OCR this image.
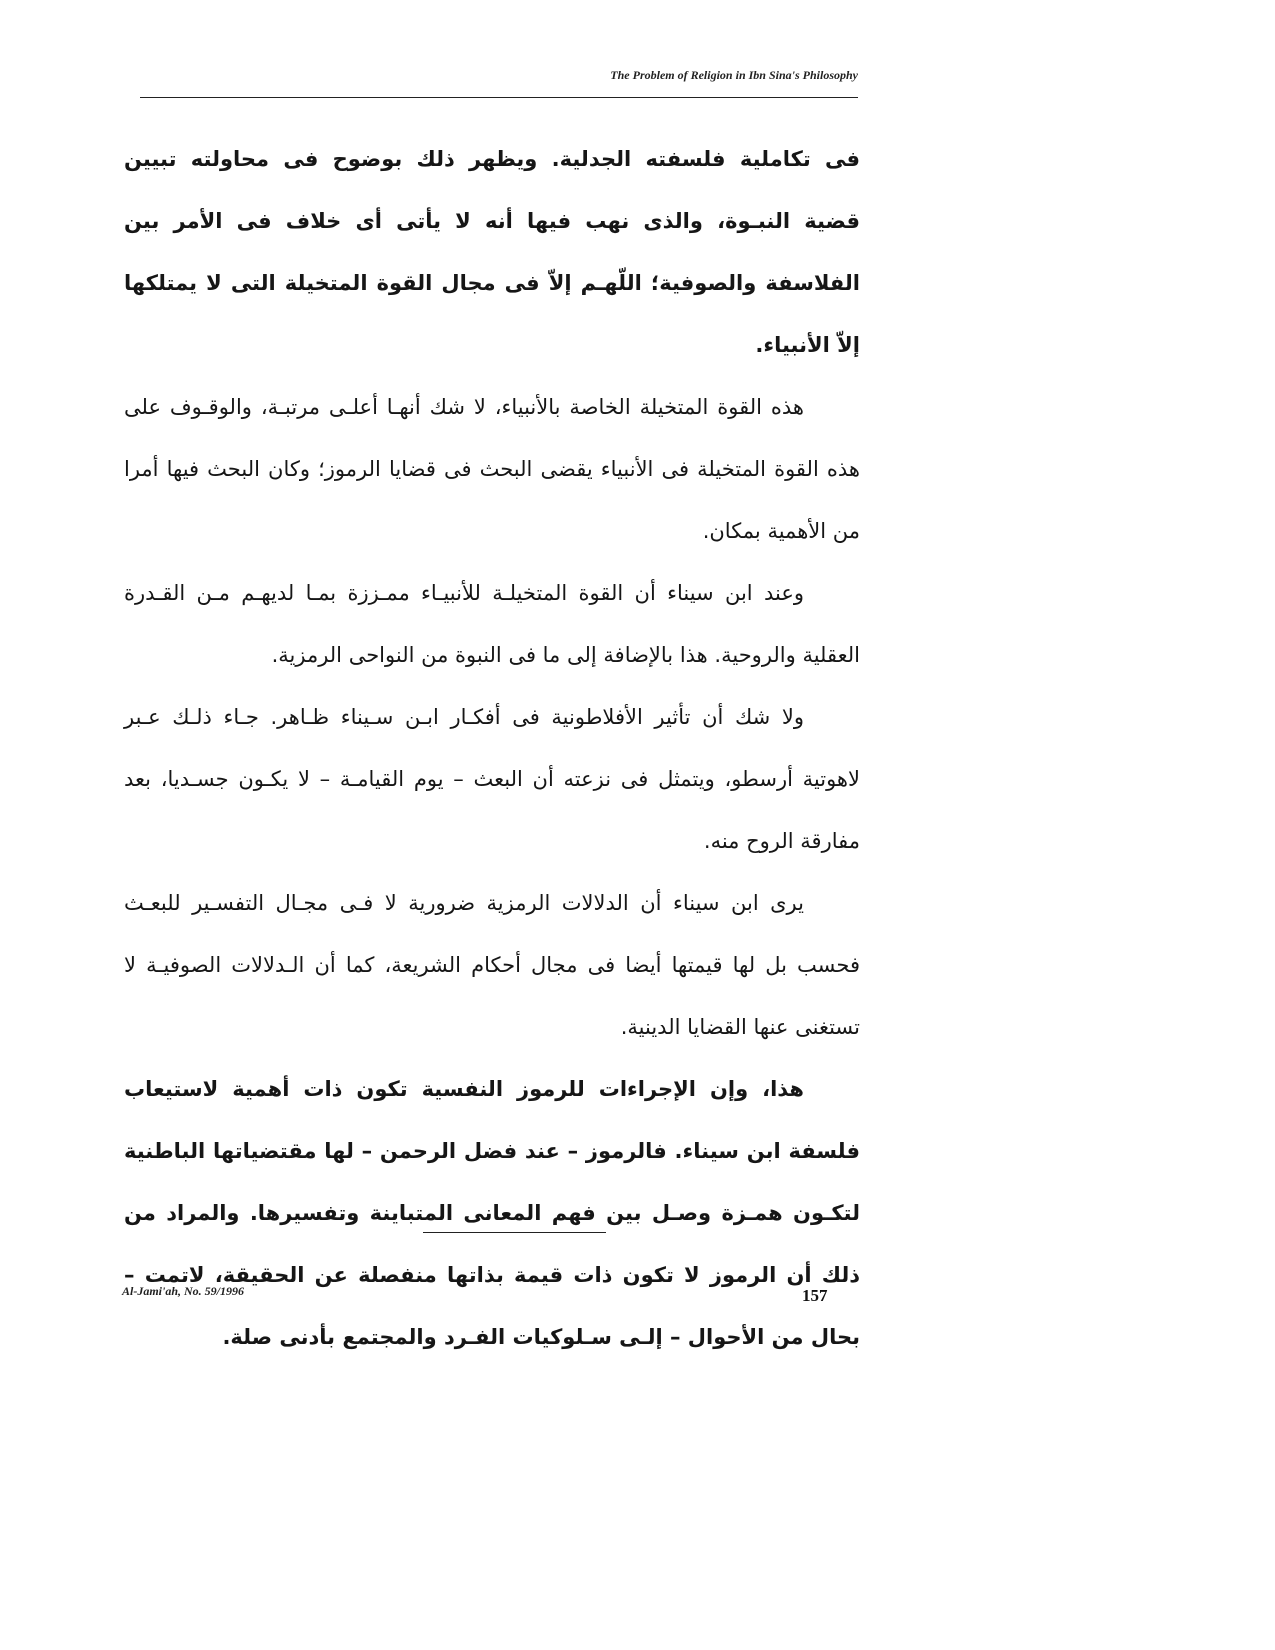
The Problem of Religion in Ibn Sina's Philosophy

فى تكاملية فلسفته الجدلية. ويظهر ذلك بوضوح فى محاولته تبيين قضية النبـوة، والذى نهب فيها أنه لا يأتى أى خلاف فى الأمر بين الفلاسفة والصوفية؛ اللّهـم إلاّ فى مجال القوة المتخيلة التى لا يمتلكها إلاّ الأنبياء.

هذه القوة المتخيلة الخاصة بالأنبياء، لا شك أنهـا أعلـى مرتبـة، والوقـوف على هذه القوة المتخيلة فى الأنبياء يقضى البحث فى قضايا الرموز؛ وكان البحث فيها أمرا من الأهمية بمكان.

وعند ابن سيناء أن القوة المتخيلـة للأنبيـاء ممـززة بمـا لديهـم مـن القـدرة العقلية والروحية. هذا بالإضافة إلى ما فى النبوة من النواحى الرمزية.

ولا شك أن تأثير الأفلاطونية فى أفكـار ابـن سـيناء ظـاهر. جـاء ذلـك عـبر لاهوتية أرسطو، ويتمثل فى نزعته أن البعث – يوم القيامـة – لا يكـون جسـديا، بعد مفارقة الروح منه.

يرى ابن سيناء أن الدلالات الرمزية ضرورية لا فـى مجـال التفسـير للبعـث فحسب بل لها قيمتها أيضا فى مجال أحكام الشريعة، كما أن الـدلالات الصوفيـة لا تستغنى عنها القضايا الدينية.

هذا، وإن الإجراءات للرموز النفسية تكون ذات أهمية لاستيعاب فلسفة ابن سيناء. فالرموز – عند فضل الرحمن – لها مقتضياتها الباطنية لتكـون همـزة وصـل بين فهم المعانى المتباينة وتفسيرها. والمراد من ذلك أن الرموز لا تكون ذات قيمة بذاتها منفصلة عن الحقيقة، لاتمت – بحال من الأحوال – إلـى سـلوكيات الفـرد والمجتمع بأدنى صلة.

Al-Jami'ah, No. 59/1996	157
